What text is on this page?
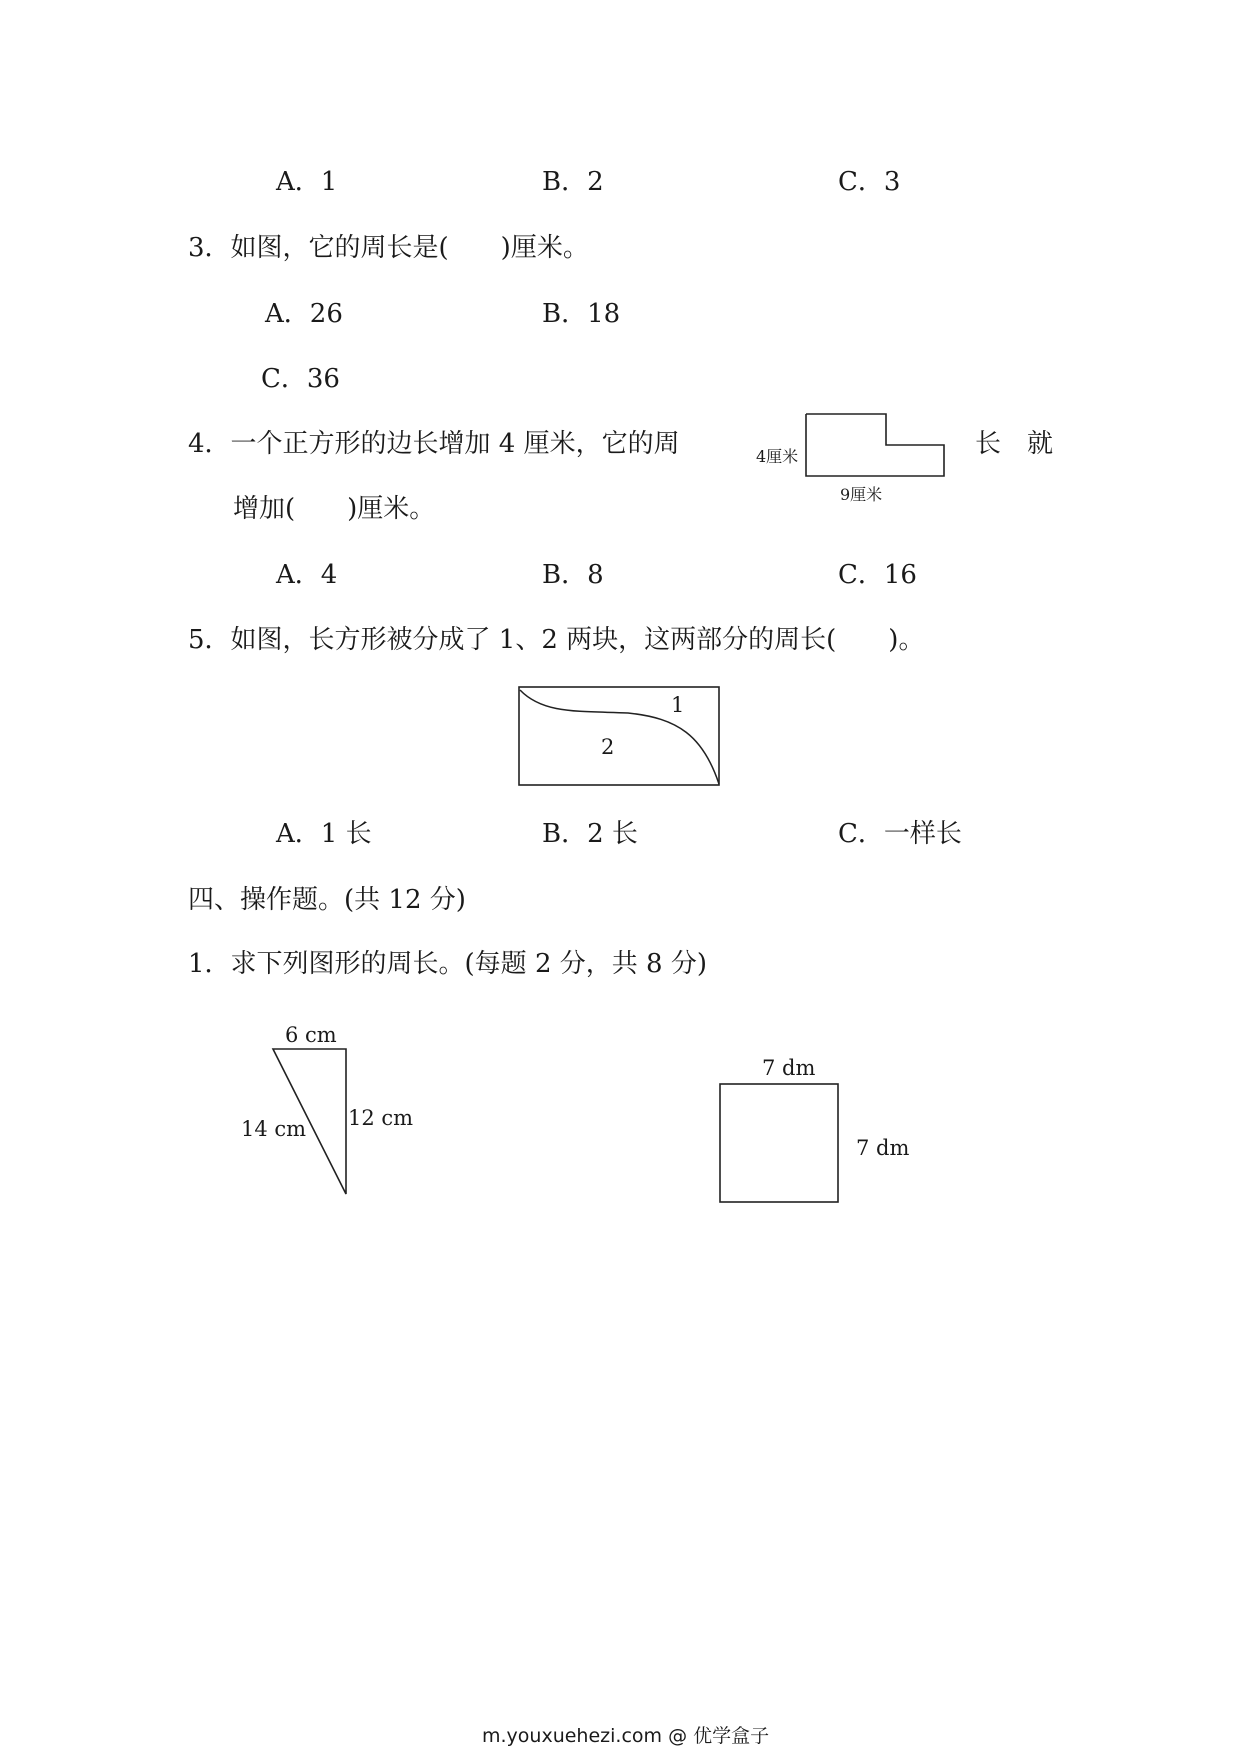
A．1	B．2	C．3
3．如图，它的周长是(　　)厘米。
A．26	B．18
C．36
4厘米
9厘米
4．一个正方形的边长增加 4 厘米，它的周	长　就
增加(　　)厘米。
A．4	B．8	C．16
5．如图，长方形被分成了 1、2 两块，这两部分的周长(　　)。
1
2
A．1 长	B．2 长	C．一样长
四、操作题。(共 12 分)
1．求下列图形的周长。(每题 2 分，共 8 分)
6 cm
12 cm
14 cm
7 dm
7 dm
m.youxuehezi.com @ 优学盒子
